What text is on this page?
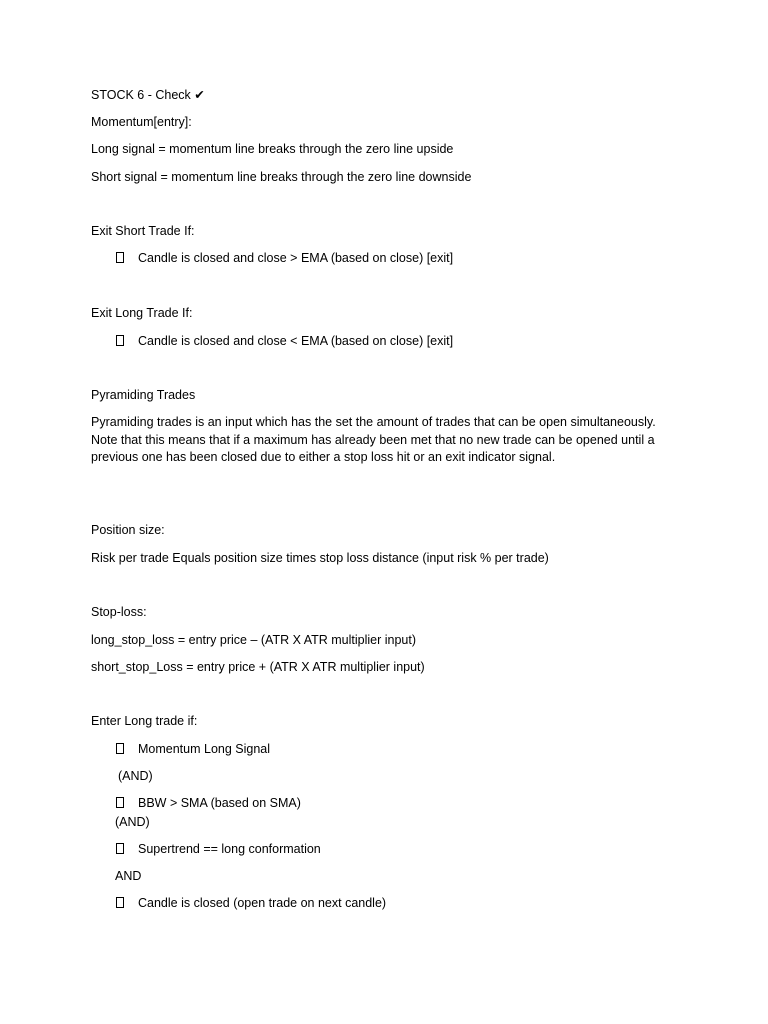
STOCK 6 - Check ✔
Momentum[entry]:
Long signal = momentum line breaks through the zero line upside
Short signal = momentum line breaks through the zero line downside
Exit Short Trade If:
Candle is closed and close > EMA (based on close) [exit]
Exit Long Trade If:
Candle is closed and close < EMA (based on close) [exit]
Pyramiding Trades
Pyramiding trades is an input which has the set the amount of trades that can be open simultaneously. Note that this means that if a maximum has already been met that no new trade can be opened until a previous one has been closed due to either a stop loss hit or an exit indicator signal.
Position size:
Risk per trade Equals position size times stop loss distance (input risk % per trade)
Stop-loss:
long_stop_loss = entry price – (ATR X ATR multiplier input)
short_stop_Loss = entry price + (ATR X ATR multiplier input)
Enter Long trade if:
Momentum Long Signal
(AND)
BBW > SMA (based on SMA)
(AND)
Supertrend == long conformation
AND
Candle is closed (open trade on next candle)
